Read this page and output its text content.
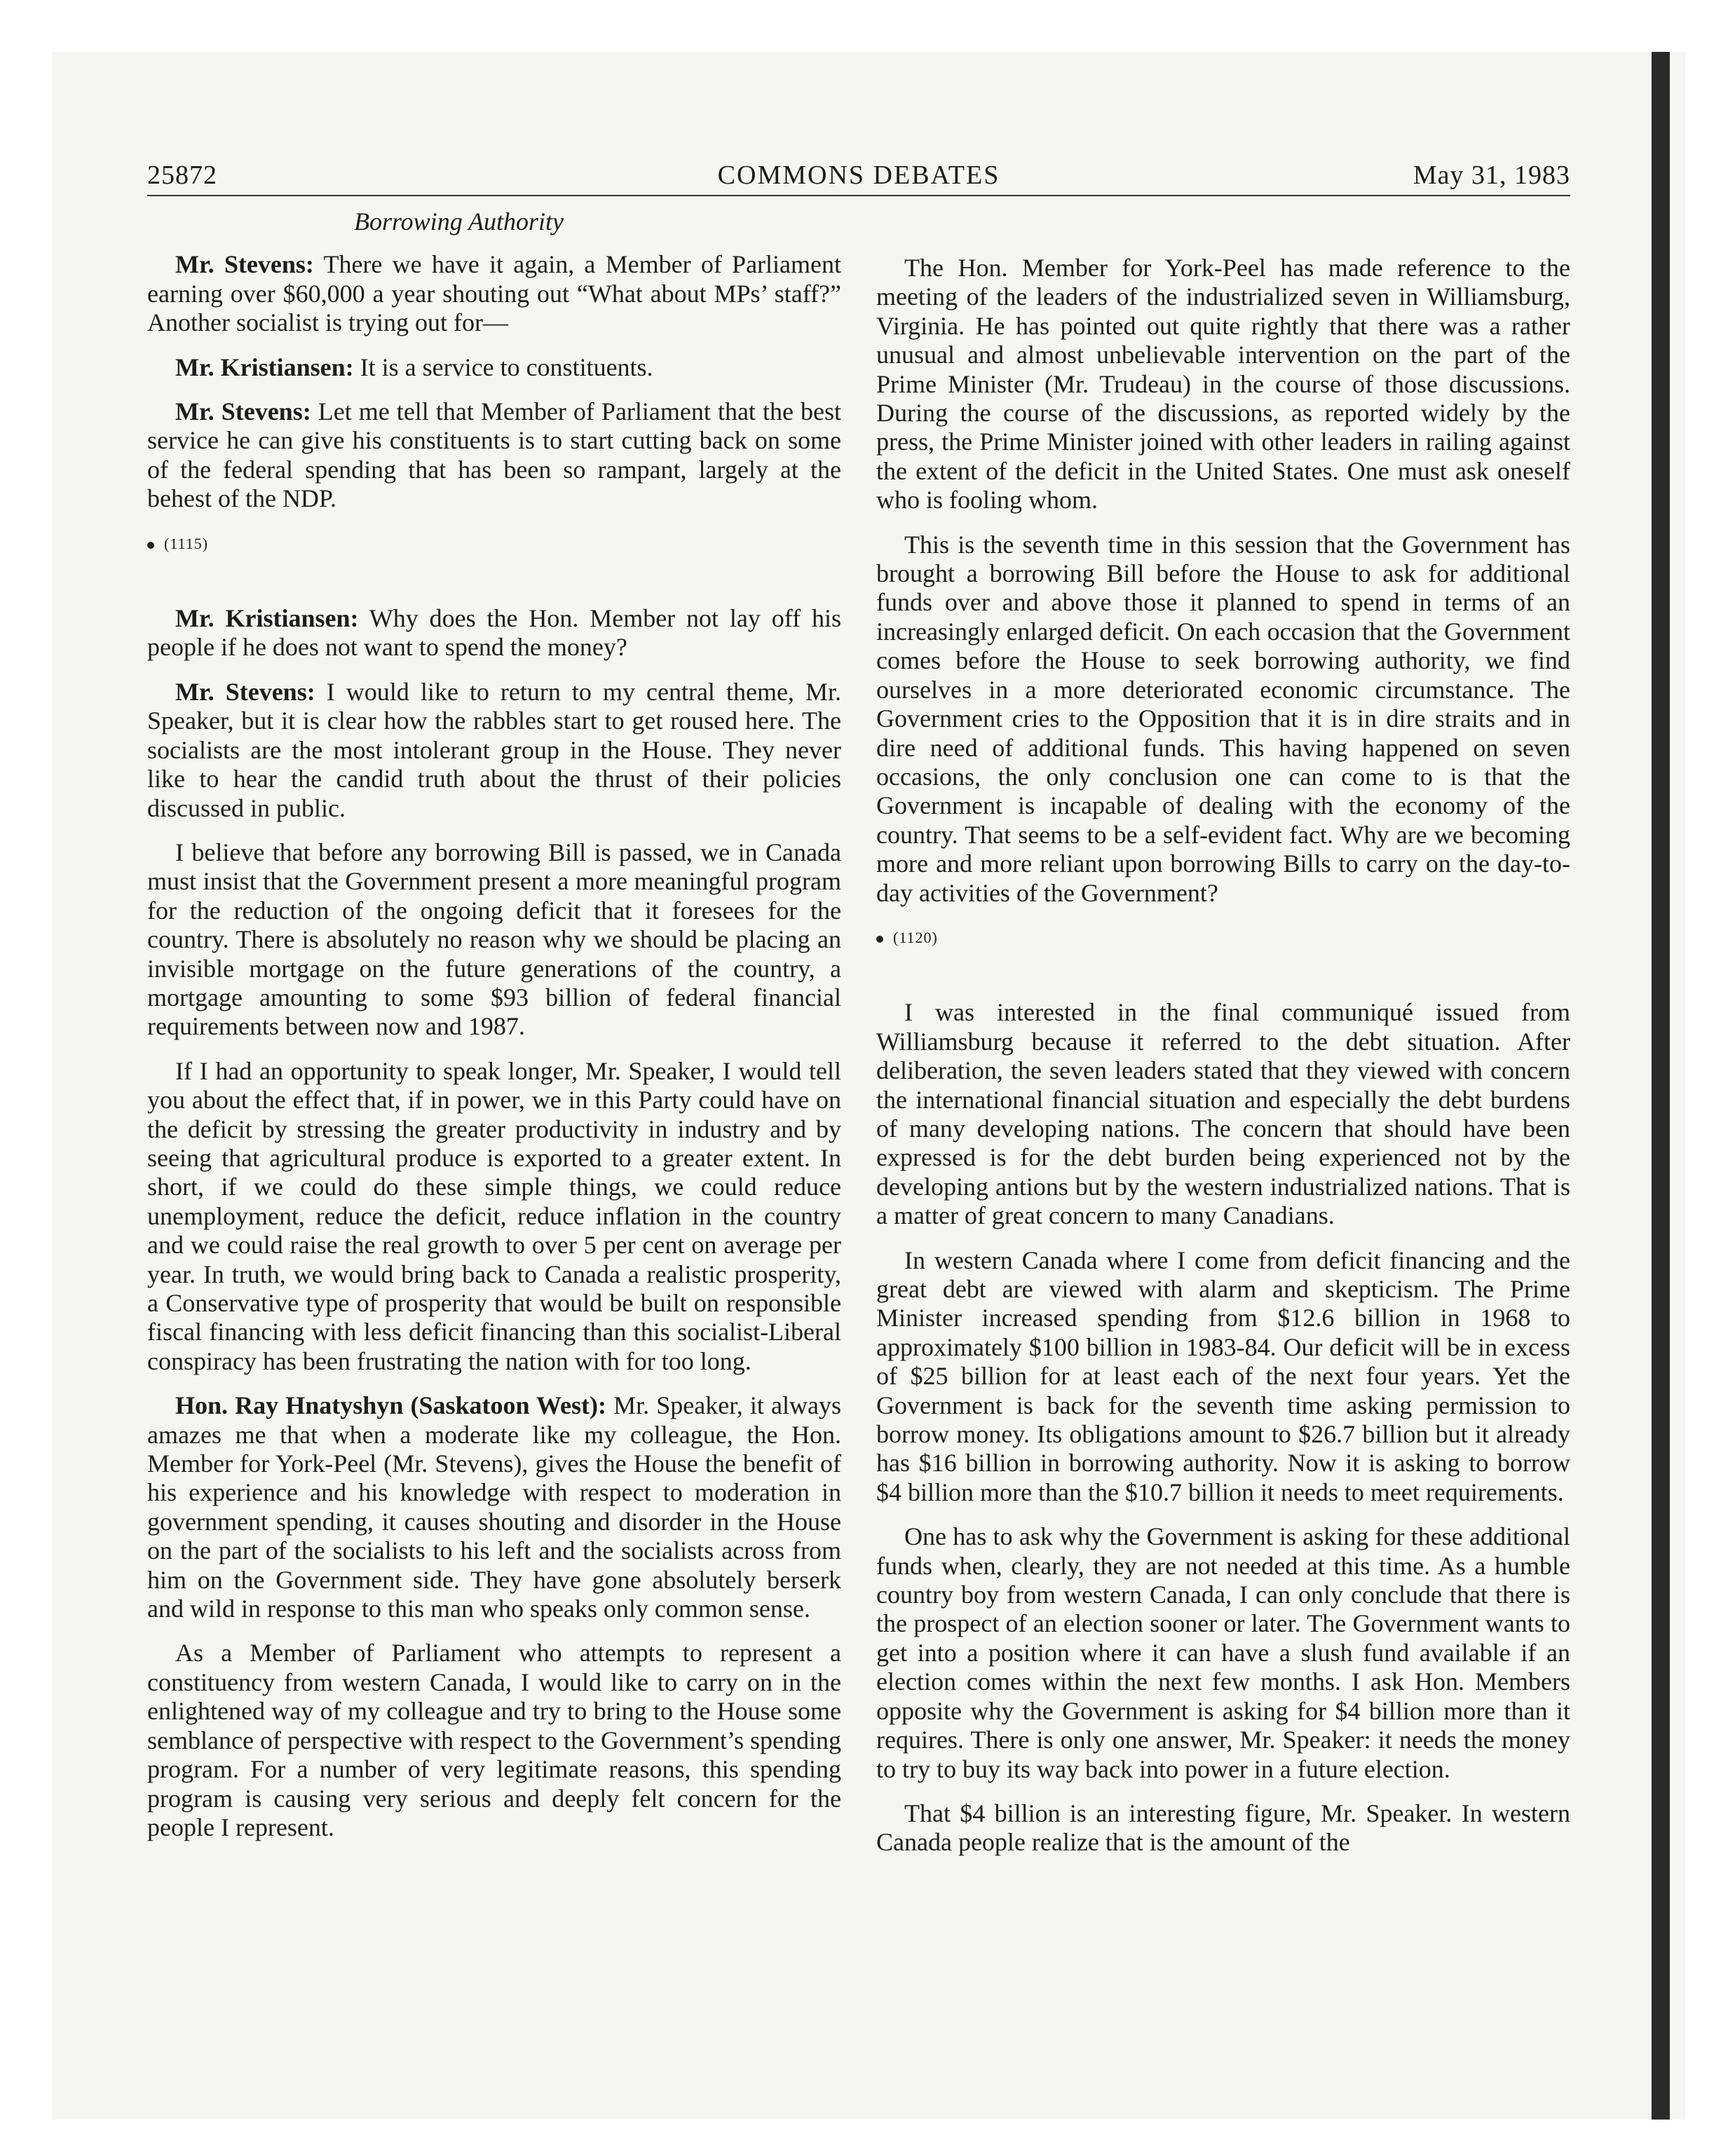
25872	COMMONS DEBATES	May 31, 1983

Borrowing Authority

Mr. Stevens: There we have it again, a Member of Parliament earning over $60,000 a year shouting out “What about MPs’ staff?” Another socialist is trying out for—

Mr. Kristiansen: It is a service to constituents.

Mr. Stevens: Let me tell that Member of Parliament that the best service he can give his constituents is to start cutting back on some of the federal spending that has been so rampant, largely at the behest of the NDP.

(1115)

Mr. Kristiansen: Why does the Hon. Member not lay off his people if he does not want to spend the money?

Mr. Stevens: I would like to return to my central theme, Mr. Speaker, but it is clear how the rabbles start to get roused here. The socialists are the most intolerant group in the House. They never like to hear the candid truth about the thrust of their policies discussed in public.

I believe that before any borrowing Bill is passed, we in Canada must insist that the Government present a more meaningful program for the reduction of the ongoing deficit that it foresees for the country. There is absolutely no reason why we should be placing an invisible mortgage on the future generations of the country, a mortgage amounting to some $93 billion of federal financial requirements between now and 1987.

If I had an opportunity to speak longer, Mr. Speaker, I would tell you about the effect that, if in power, we in this Party could have on the deficit by stressing the greater productivity in industry and by seeing that agricultural produce is exported to a greater extent. In short, if we could do these simple things, we could reduce unemployment, reduce the deficit, reduce inflation in the country and we could raise the real growth to over 5 per cent on average per year. In truth, we would bring back to Canada a realistic prosperity, a Conservative type of prosperity that would be built on responsible fiscal financing with less deficit financing than this socialist-Liberal conspiracy has been frustrating the nation with for too long.

Hon. Ray Hnatyshyn (Saskatoon West): Mr. Speaker, it always amazes me that when a moderate like my colleague, the Hon. Member for York-Peel (Mr. Stevens), gives the House the benefit of his experience and his knowledge with respect to moderation in government spending, it causes shouting and disorder in the House on the part of the socialists to his left and the socialists across from him on the Government side. They have gone absolutely berserk and wild in response to this man who speaks only common sense.

As a Member of Parliament who attempts to represent a constituency from western Canada, I would like to carry on in the enlightened way of my colleague and try to bring to the House some semblance of perspective with respect to the Government’s spending program. For a number of very legitimate reasons, this spending program is causing very serious and deeply felt concern for the people I represent.

The Hon. Member for York-Peel has made reference to the meeting of the leaders of the industrialized seven in Williamsburg, Virginia. He has pointed out quite rightly that there was a rather unusual and almost unbelievable intervention on the part of the Prime Minister (Mr. Trudeau) in the course of those discussions. During the course of the discussions, as reported widely by the press, the Prime Minister joined with other leaders in railing against the extent of the deficit in the United States. One must ask oneself who is fooling whom.

This is the seventh time in this session that the Government has brought a borrowing Bill before the House to ask for additional funds over and above those it planned to spend in terms of an increasingly enlarged deficit. On each occasion that the Government comes before the House to seek borrowing authority, we find ourselves in a more deteriorated economic circumstance. The Government cries to the Opposition that it is in dire straits and in dire need of additional funds. This having happened on seven occasions, the only conclusion one can come to is that the Government is incapable of dealing with the economy of the country. That seems to be a self-evident fact. Why are we becoming more and more reliant upon borrowing Bills to carry on the day-to-day activities of the Government?

(1120)

I was interested in the final communiqué issued from Williamsburg because it referred to the debt situation. After deliberation, the seven leaders stated that they viewed with concern the international financial situation and especially the debt burdens of many developing nations. The concern that should have been expressed is for the debt burden being experienced not by the developing antions but by the western industrialized nations. That is a matter of great concern to many Canadians.

In western Canada where I come from deficit financing and the great debt are viewed with alarm and skepticism. The Prime Minister increased spending from $12.6 billion in 1968 to approximately $100 billion in 1983-84. Our deficit will be in excess of $25 billion for at least each of the next four years. Yet the Government is back for the seventh time asking permission to borrow money. Its obligations amount to $26.7 billion but it already has $16 billion in borrowing authority. Now it is asking to borrow $4 billion more than the $10.7 billion it needs to meet requirements.

One has to ask why the Government is asking for these additional funds when, clearly, they are not needed at this time. As a humble country boy from western Canada, I can only conclude that there is the prospect of an election sooner or later. The Government wants to get into a position where it can have a slush fund available if an election comes within the next few months. I ask Hon. Members opposite why the Government is asking for $4 billion more than it requires. There is only one answer, Mr. Speaker: it needs the money to try to buy its way back into power in a future election.

That $4 billion is an interesting figure, Mr. Speaker. In western Canada people realize that is the amount of the
